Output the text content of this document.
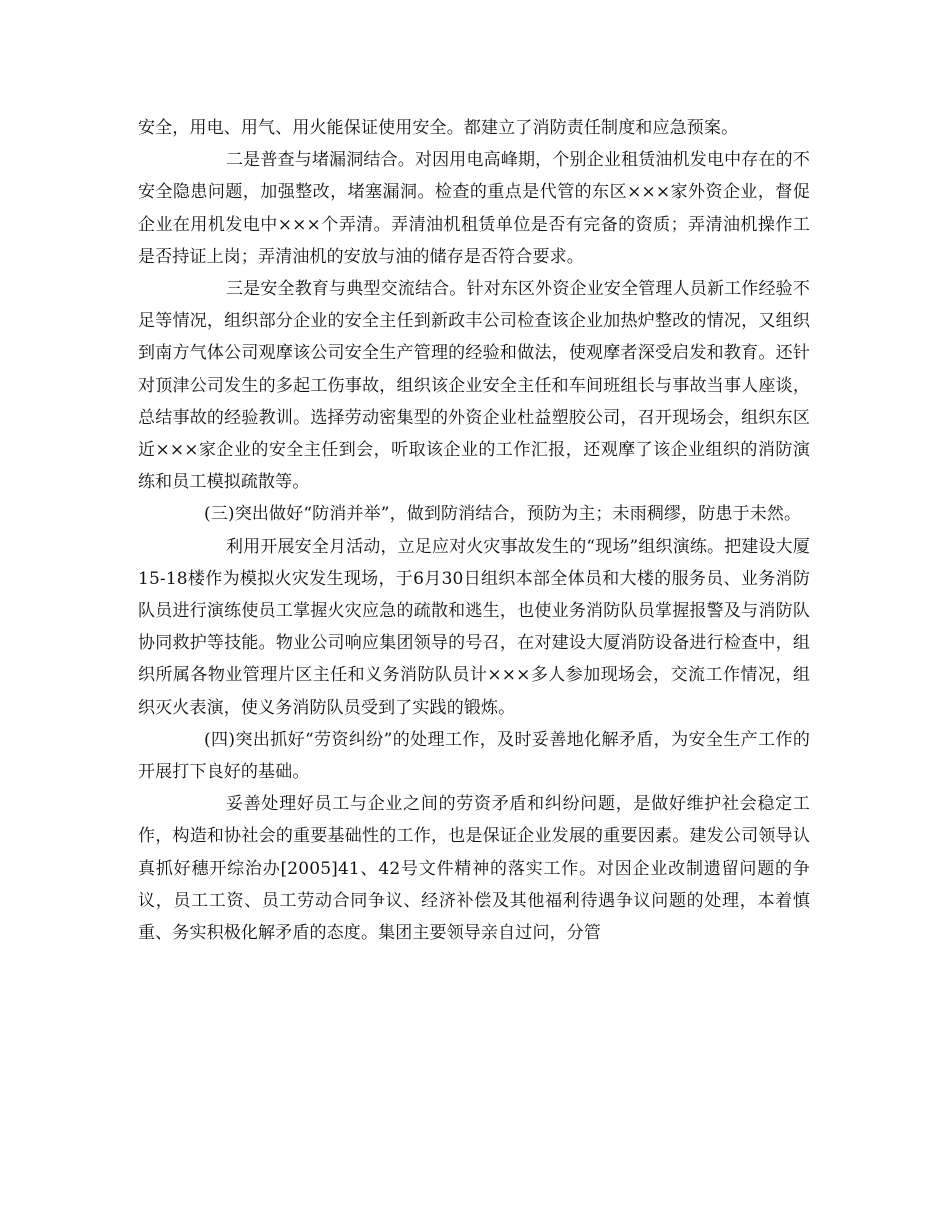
安全，用电、用气、用火能保证使用安全。都建立了消防责任制度和应急预案。

二是普查与堵漏洞结合。对因用电高峰期，个别企业租赁油机发电中存在的不安全隐患问题，加强整改，堵塞漏洞。检查的重点是代管的东区×××家外资企业，督促企业在用机发电中×××个弄清。弄清油机租赁单位是否有完备的资质；弄清油机操作工是否持证上岗；弄清油机的安放与油的储存是否符合要求。

三是安全教育与典型交流结合。针对东区外资企业安全管理人员新工作经验不足等情况，组织部分企业的安全主任到新政丰公司检查该企业加热炉整改的情况，又组织到南方气体公司观摩该公司安全生产管理的经验和做法，使观摩者深受启发和教育。还针对顶津公司发生的多起工伤事故，组织该企业安全主任和车间班组长与事故当事人座谈，总结事故的经验教训。选择劳动密集型的外资企业杜益塑胶公司，召开现场会，组织东区近×××家企业的安全主任到会，听取该企业的工作汇报，还观摩了该企业组织的消防演练和员工模拟疏散等。

(三)突出做好“防消并举”，做到防消结合，预防为主；未雨稠缪，防患于未然。

利用开展安全月活动，立足应对火灾事故发生的“现场”组织演练。把建设大厦15-18楼作为模拟火灾发生现场，于6月30日组织本部全体员和大楼的服务员、业务消防队员进行演练使员工掌握火灾应急的疏散和逃生，也使业务消防队员掌握报警及与消防队协同救护等技能。物业公司响应集团领导的号召，在对建设大厦消防设备进行检查中，组织所属各物业管理片区主任和义务消防队员计×××多人参加现场会，交流工作情况，组织灭火表演，使义务消防队员受到了实践的锻炼。

(四)突出抓好“劳资纠纷”的处理工作，及时妥善地化解矛盾，为安全生产工作的开展打下良好的基础。

妥善处理好员工与企业之间的劳资矛盾和纠纷问题，是做好维护社会稳定工作，构造和协社会的重要基础性的工作，也是保证企业发展的重要因素。建发公司领导认真抓好穗开综治办[2005]41、42号文件精神的落实工作。对因企业改制遗留问题的争议，员工工资、员工劳动合同争议、经济补偿及其他福利待遇争议问题的处理，本着慎重、务实积极化解矛盾的态度。集团主要领导亲自过问，分管
